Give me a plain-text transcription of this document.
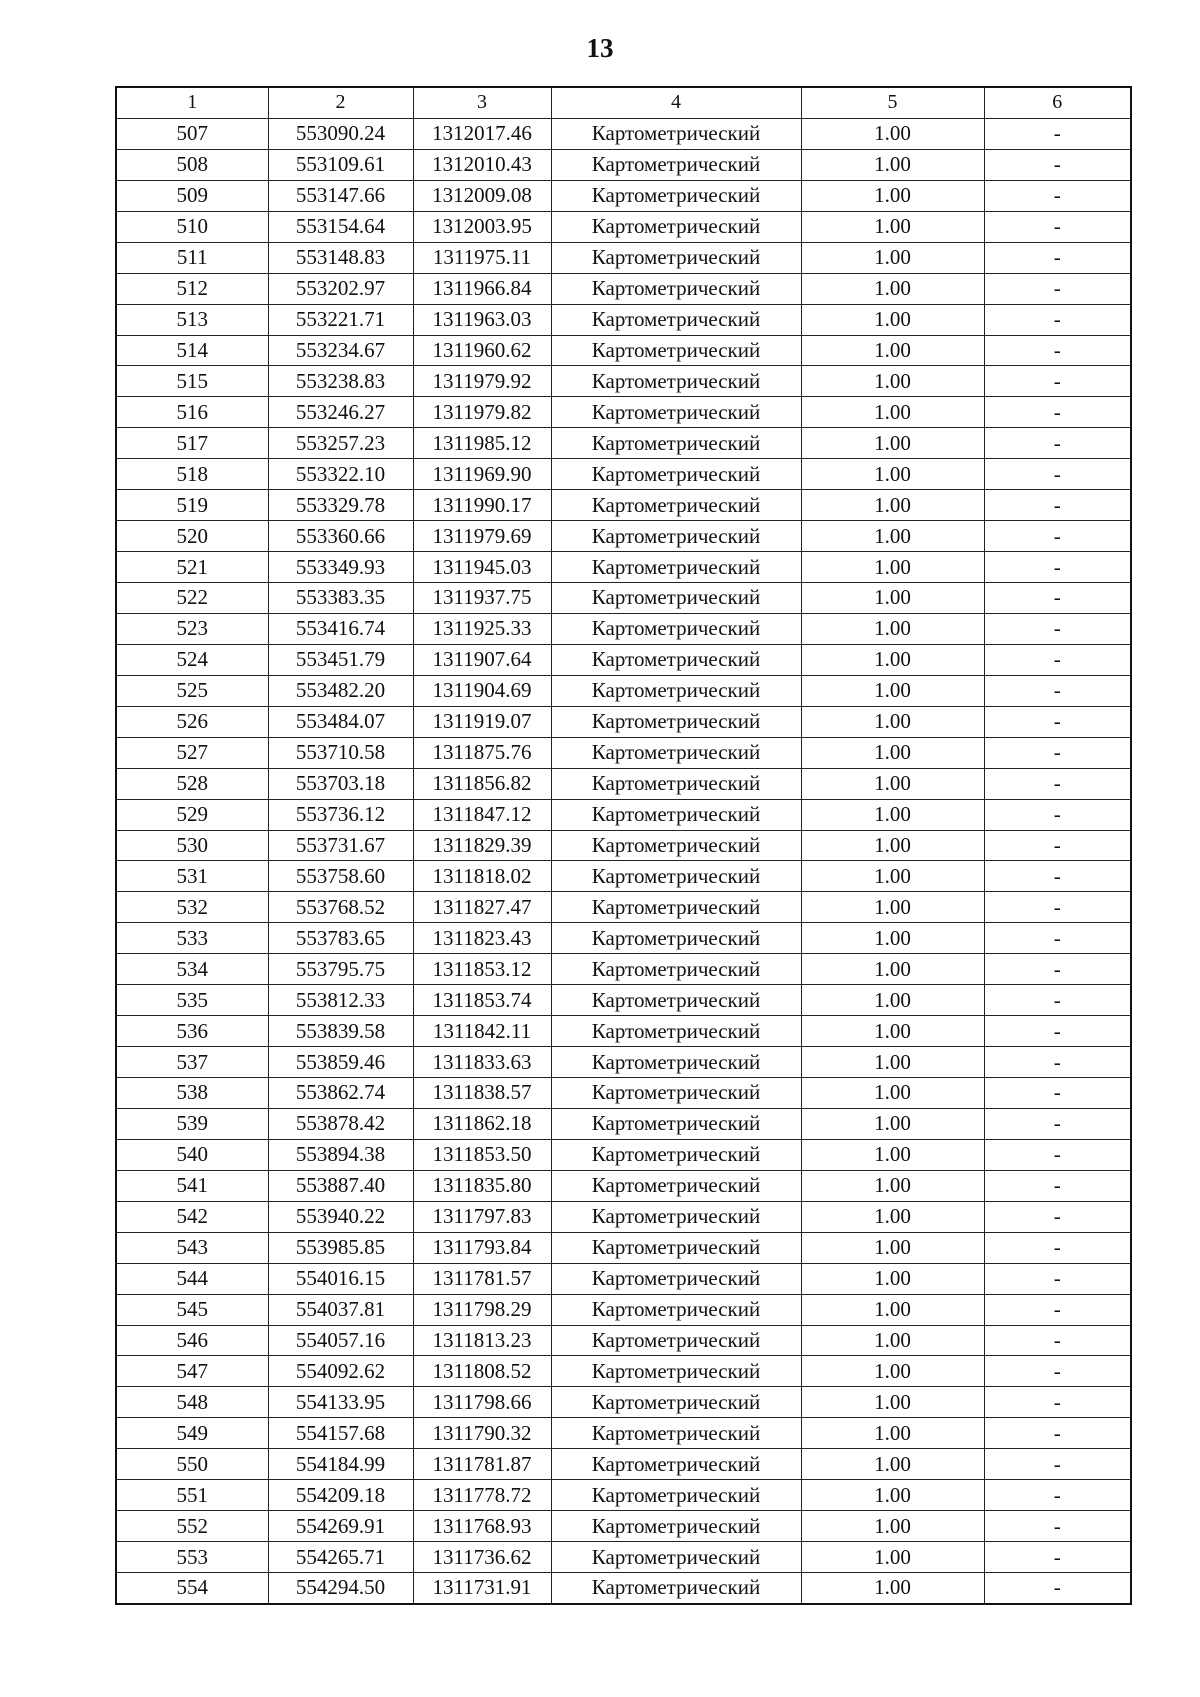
13
1	2	3	4	5	6
507	553090.24	1312017.46	Картометрический	1.00	-
508	553109.61	1312010.43	Картометрический	1.00	-
509	553147.66	1312009.08	Картометрический	1.00	-
510	553154.64	1312003.95	Картометрический	1.00	-
511	553148.83	1311975.11	Картометрический	1.00	-
512	553202.97	1311966.84	Картометрический	1.00	-
513	553221.71	1311963.03	Картометрический	1.00	-
514	553234.67	1311960.62	Картометрический	1.00	-
515	553238.83	1311979.92	Картометрический	1.00	-
516	553246.27	1311979.82	Картометрический	1.00	-
517	553257.23	1311985.12	Картометрический	1.00	-
518	553322.10	1311969.90	Картометрический	1.00	-
519	553329.78	1311990.17	Картометрический	1.00	-
520	553360.66	1311979.69	Картометрический	1.00	-
521	553349.93	1311945.03	Картометрический	1.00	-
522	553383.35	1311937.75	Картометрический	1.00	-
523	553416.74	1311925.33	Картометрический	1.00	-
524	553451.79	1311907.64	Картометрический	1.00	-
525	553482.20	1311904.69	Картометрический	1.00	-
526	553484.07	1311919.07	Картометрический	1.00	-
527	553710.58	1311875.76	Картометрический	1.00	-
528	553703.18	1311856.82	Картометрический	1.00	-
529	553736.12	1311847.12	Картометрический	1.00	-
530	553731.67	1311829.39	Картометрический	1.00	-
531	553758.60	1311818.02	Картометрический	1.00	-
532	553768.52	1311827.47	Картометрический	1.00	-
533	553783.65	1311823.43	Картометрический	1.00	-
534	553795.75	1311853.12	Картометрический	1.00	-
535	553812.33	1311853.74	Картометрический	1.00	-
536	553839.58	1311842.11	Картометрический	1.00	-
537	553859.46	1311833.63	Картометрический	1.00	-
538	553862.74	1311838.57	Картометрический	1.00	-
539	553878.42	1311862.18	Картометрический	1.00	-
540	553894.38	1311853.50	Картометрический	1.00	-
541	553887.40	1311835.80	Картометрический	1.00	-
542	553940.22	1311797.83	Картометрический	1.00	-
543	553985.85	1311793.84	Картометрический	1.00	-
544	554016.15	1311781.57	Картометрический	1.00	-
545	554037.81	1311798.29	Картометрический	1.00	-
546	554057.16	1311813.23	Картометрический	1.00	-
547	554092.62	1311808.52	Картометрический	1.00	-
548	554133.95	1311798.66	Картометрический	1.00	-
549	554157.68	1311790.32	Картометрический	1.00	-
550	554184.99	1311781.87	Картометрический	1.00	-
551	554209.18	1311778.72	Картометрический	1.00	-
552	554269.91	1311768.93	Картометрический	1.00	-
553	554265.71	1311736.62	Картометрический	1.00	-
554	554294.50	1311731.91	Картометрический	1.00	-
